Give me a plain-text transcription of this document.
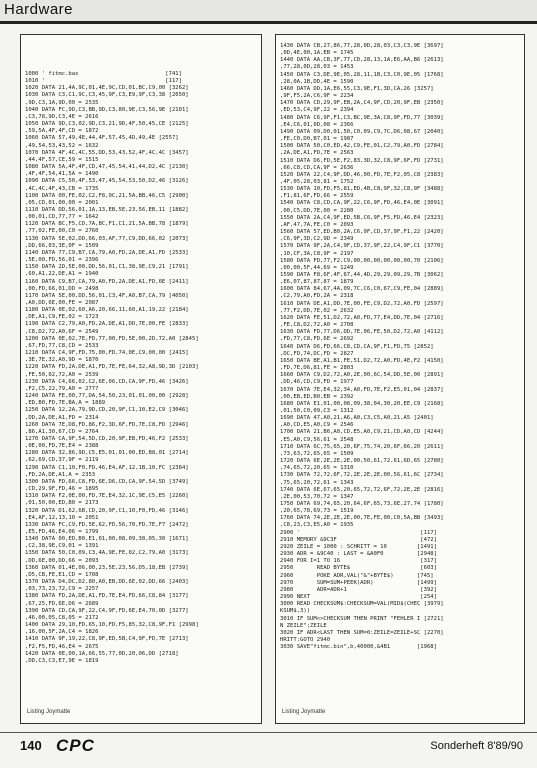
Hardware
1000 ' fitmc.bas                          [741]
1010 '                                    [117]
1020 DATA 21,4A,9C,01,4E,9C,CD,01,BC,C9,00 [3262]
1030 DATA C3,C1,9C,C3,45,9F,C3,E9,9F,C3,38 [2650]
,9D,C3,1A,9D,00 = 2535
1040 DATA FC,9D,C3,BB,9D,C3,80,9E,C3,56,9E [2101]
,C3,78,9D,C3,4E = 2616
1050 DATA 9D,C3,02,9D,C3,21,9D,4F,50,45,CE [2125]
,59,5A,4F,4F,CD = 1872
1060 DATA 57,49,4E,44,4F,57,45,4D,49,4E [2557]
,49,54,53,43,52 = 1632
1070 DATA 4F,4C,4C,55,DD,53,43,52,4F,4C,4C [3457]
,44,4F,57,CE,59 = 1515
1080 DATA 5A,4F,4F,CD,47,45,54,41,44,D2,4C [2130]
,4F,4F,54,41,5A = 1490
1090 DATA C5,50,4F,53,47,45,54,53,50,D2,46 [3126]
,4C,4C,4F,43,CB = 1735
1100 DATA 00,FE,02,C2,F8,9C,21,5A,BB,46,C5 [2900]
,05,CD,01,00,00 = 2001
1110 DATA DD,56,01,1A,13,EB,5E,23,56,EB,11 [1882]
,00,01,CD,77,77 = 1642
1120 DATA BC,F5,CD,7A,BC,F1,C1,21,5A,BB,78 [1879]
,77,02,FE,00,C0 = 2760
1130 DATA 5E,02,DD,66,03,AF,77,C9,DD,66,02 [2073]
,DD,66,03,3E,0F = 1509
1140 DATA 77,C9,B7,CA,79,A0,FD,2A,DE,A1,FD [2533]
,5E,00,FD,56,01 = 2396
1150 DATA 2D,5E,00,DD,56,01,C1,38,9E,C9,21 [1791]
,60,A1,22,DE,A1 = 1940
1160 DATA C9,B7,CA,79,A0,FD,2A,DE,A1,FD,6E [2411]
,00,FD,66,01,DD = 2498
1170 DATA 5E,00,DD,56,01,C3,4F,A0,B7,CA,79 [4050]
,A0,DD,6E,00,FE = 2087
1180 DATA 0E,02,60,A6,20,66,11,60,A1,19,22 [2184]
,DE,A1,C9,FE,02 = 1723
1190 DATA C2,79,A0,FD,2A,DE,A1,DD,7E,00,FE [2833]
,C8,D2,72,A0,6F = 2549
1200 DATA 0E,02,7E,FD,77,00,FD,5E,00,2D,72,A0 [2845]
,67,FD,77,C8,CD = 2533
1210 DATA C4,9F,FD,75,00,FD,74,0E,C9,00,00 [2415]
,3E,7E,32,A0,9D = 1870
1220 DATA FD,2A,DE,A1,FD,7E,FE,64,32,A8,9D,3D [2103]
,FE,50,02,72,A0 = 2539
1230 DATA C4,66,02,C2,6E,06,CD,CA,9F,FD,46 [3426]
,F2,C5,22,79,A0 = 2777
1240 DATA FE,00,77,DA,54,50,23,01,01,00,00 [2928]
,ED,B0,FD,7E,BA,A = 1889
1250 DATA 12,2A,79,9D,CD,20,9F,C1,10,E2,C9 [3046]
,DD,2A,DE,A1,FD = 2314
1260 DATA 7E,D8,FD,86,F2,3D,6F,FD,7E,C8,FD [2946]
,86,A1,30,67,CD = 2764
1270 DATA CA,9F,54,5D,CD,20,9F,EB,FD,46,F2 [2533]
,0E,00,FD,7E,E4 = 2388
1280 DATA 32,86,9D,C5,E5,01,01,00,ED,B8,01 [2714]
,62,69,CD,37,9F = 2119
1290 DATA C1,10,F0,FD,46,E4,AF,12,1B,10,FC [2384]
,FD,2A,DE,A1,A = 2353
1300 DATA FD,66,C8,FD,6E,D6,CD,CA,9F,54,5D [3749]
,CD,29,9F,FD,46 = 1895
1310 DATA F2,0E,00,FD,7E,E4,32,1C,9E,C5,E5 [2260]
,01,50,00,ED,B0 = 2173
1320 DATA D1,62,6B,CD,20,9F,C1,10,F0,FD,46 [3146]
,E4,AF,12,13,10 = 2051
1330 DATA FC,C9,FD,5E,62,FD,56,70,FD,7E,F7 [2472]
,E5,FD,46,E4,06 = 1799
1340 DATA 00,ED,B0,E1,01,00,08,09,38,05,30 [1671]
,C2,38,9E,C9,01 = 1391
1350 DATA 50,C0,09,C3,4A,9E,FE,02,C2,79,A0 [3173]
,DD,6E,00,DD,66 = 2093
1360 DATA 01,4E,06,00,23,5E,23,56,D5,18,EB [2739]
,D5,CB,FE,E1,CD = 1708
1370 DATA D4,DC,D2,80,A0,EB,DD,6E,02,DD,66 [2403]
,03,73,23,72,C9 = 2257
1380 DATA FD,2A,DE,A1,FD,7E,E4,FD,66,C8,84 [3177]
,67,25,FD,6E,D6 = 2689
1390 DATA CD,CA,9F,22,C4,9F,FD,6E,E4,70,0D [3277]
,46,00,05,C8,05 = 2172
1400 DATA 29,10,FD,65,10,FD,F5,85,32,C8,9F,F1 [2998]
,16,00,5F,2A,C4 = 1826
1410 DATA 9F,19,22,C8,9F,ED,5B,C4,9F,FD,7E [2713]
,F2,F5,FD,46,E4 = 2675
1420 DATA 0E,00,1A,66,55,77,0D,20,06,DD [2718]
,DD,C3,C3,E7,9E = 1819
Listing Joymatte
1430 DATA CB,27,86,77,28,0D,28,03,C3,C3,9E [3697]
,0D,4E,00,1A,EB = 1745
1440 DATA AA,CB,3F,77,CD,28,13,1A,E6,AA,B6 [2613]
,77,28,0D,28,03 = 1453
1450 DATA C3,DE,9E,05,28,11,1B,C3,C0,9E,05 [1768]
,28,0A,1B,DD,4E = 1590
1460 DATA DD,1A,E6,55,C3,9E,F1,3D,CA,26 [3257]
,9F,F5,2A,C6,9F = 2234
1470 DATA CD,29,9F,EB,2A,C4,9F,CD,20,9F,EB [2350]
,ED,53,C4,9F,22 = 2394
1480 DATA C6,9F,F1,C3,BC,9E,3A,C8,9F,FD,77 [3039]
,E4,C6,01,0D,08 = 2366
1490 DATA 09,D0,01,50,C0,09,C9,7C,D6,08,67 [2040]
,FE,C0,D0,B7,01 = 1987
1500 DATA 50,C0,ED,42,C9,FE,01,C2,79,A0,FD [2784]
,2A,DE,A1,FD,7E = 2563
1510 DATA D6,FD,5E,F2,83,3D,32,C8,9F,6F,FD [2731]
,66,C8,CD,CA,9F = 2636
1520 DATA 22,C4,9F,DD,46,00,FD,7E,F2,05,C8 [2383]
,4F,05,28,03,81 = 1752
1530 DATA 10,FD,F5,81,ED,4B,C8,9F,32,C8,9F [3488]
,F1,81,6F,FD,66 = 2559
1540 DATA C8,CD,CA,9F,22,C6,9F,FD,46,E4,0E [3091]
,00,C5,DD,7E,00 = 2280
1550 DATA 2A,C4,9F,ED,5B,C6,9F,F5,FD,46,E4 [2323]
,AF,47,7A,FE,C0 = 2093
1560 DATA 57,ED,B0,2A,C6,9F,CD,37,9F,F1,22 [2420]
,C6,9F,3D,C2,9D = 2349
1570 DATA 9F,2A,C4,9F,CD,37,9F,22,C4,9F,C1 [3770]
,10,CF,3A,C8,9F = 2197
1580 DATA FD,77,F2,C9,00,00,00,00,00,00,70 [2106]
,00,00,5F,44,69 = 1249
1590 DATA F8,6F,4F,67,44,4D,29,29,09,29,7B [3062]
,E6,07,87,87,87 = 1879
1600 DATA 84,67,4A,09,7C,C6,C0,67,C9,FE,04 [2889]
,C2,79,A0,FD,2A = 2318
1610 DATA DE,A1,DD,7E,00,FE,C9,D2,72,A0,FD [2597]
,77,F2,DD,7E,02 = 2632
1620 DATA FE,51,D2,72,A0,FD,77,E4,DD,7E,04 [2716]
,FE,C8,D2,72,A0 = 2708
1630 DATA FD,77,D6,DD,7E,06,FE,50,D2,72,A0 [4112]
,FD,77,C8,FD,6E = 2692
1640 DATA D6,FD,66,C8,CD,CA,9F,F1,FD,75 [2852]
,DC,FD,74,DC,FD = 2827
1650 DATA BE,A1,B1,FE,51,D2,72,A0,FD,4E,F2 [4150]
,FD,7E,D6,81,FE = 2803
1660 DATA C9,D2,72,A0,2E,00,6C,54,DD,5E,00 [2891]
,DD,46,CD,C9,FD = 1977
1670 DATA 7E,E4,32,34,A0,FD,7E,F2,E5,01,04 [2837]
,00,EB,ED,B0,EB = 2392
1680 DATA E1,01,00,08,09,38,04,30,20,EE,C9 [2168]
,01,50,C0,09,C3 = 1312
1690 DATA 47,A0,21,A6,A0,C3,C5,A0,21,A5 [2401]
,A0,CD,E5,A0,C9 = 2546
1700 DATA 21,B6,A0,CD,E5,A0,C9,21,CD,A0,CD [4244]
,E5,A0,C9,56,61 = 2548
1710 DATA 6C,75,65,20,6F,75,74,20,6F,66,20 [2611]
,73,63,72,65,65 = 1509
1720 DATA 6E,2E,2E,2E,00,50,61,72,61,6D,65 [2780]
,74,65,72,20,65 = 1310
1730 DATA 72,72,6F,72,2E,2E,2E,00,56,61,6C [2734]
,75,65,20,72,61 = 1343
1740 DATA 6E,67,65,20,65,72,72,6F,72,2E,2E [2816]
,2E,00,53,70,72 = 1347
1750 DATA 69,74,65,20,64,6F,65,73,6E,27,74 [1780]
,20,65,78,69,73 = 1519
1760 DATA 74,2E,2E,2E,00,7E,FE,00,C0,5A,BB [3493]
,C8,23,C3,E5,A0 = 1935
2900 '                                    [117]
2910 MEMORY &9C3F                         [472]
2920 ZEILE = 1000 : SCHRITT = 10         [1491]
2930 ADR = &9C40 : LAST = &A0F0          [2948]
2940 FOR I=1 TO 16                        [317]
2950       READ BYTE$                     [603]
2960       POKE ADR,VAL("&"+BYTE$)       [745]
2970       SUM=SUM+PEEK(ADR)             [1499]
2980       ADR=ADR+1                      [392]
2990 NEXT                                 [254]
3000 READ CHECKSUM$:CHECKSUM=VAL(MID$(CHEC [3979]
KSUM$,3))
3010 IF SUM<>CHECKSUM THEN PRINT "FEHLER I [2721]
N ZEILE";ZEILE
3020 IF ADR<LAST THEN SUM=0:ZEILE=ZEILE+SC [2270]
HRITT:GOTO 2940
3030 SAVE"fitmc.bin",b,40000,&4B1        [1968]
Listing Joymatte
140 CPC	Sonderheft 8'89/90
